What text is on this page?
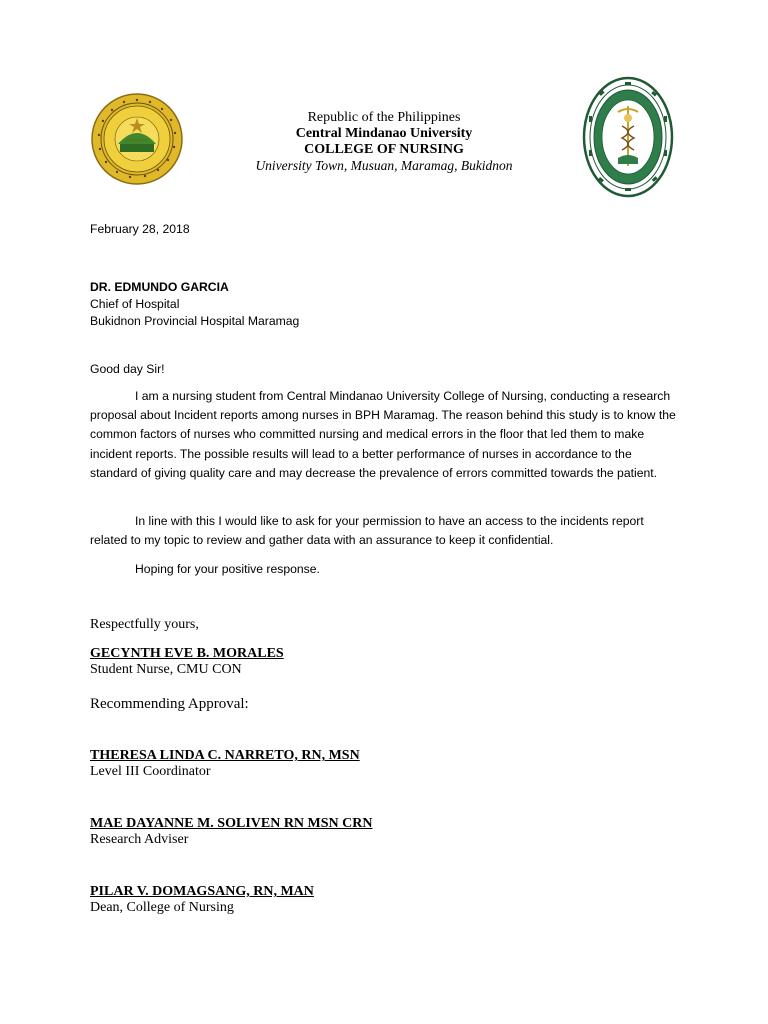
Republic of the Philippines
Central Mindanao University
COLLEGE OF NURSING
University Town, Musuan, Maramag, Bukidnon
February 28, 2018
DR. EDMUNDO GARCIA
Chief of Hospital
Bukidnon Provincial Hospital Maramag
Good day Sir!

I am a nursing student from Central Mindanao University College of Nursing, conducting a research proposal about Incident reports among nurses in BPH Maramag. The reason behind this study is to know the common factors of nurses who committed nursing and medical errors in the floor that led them to make incident reports. The possible results will lead to a better performance of nurses in accordance to the standard of giving quality care and may decrease the prevalence of errors committed towards the patient.

In line with this I would like to ask for your permission to have an access to the incidents report related to my topic to review and gather data with an assurance to keep it confidential.

Hoping for your positive response.

Respectfully yours,
GECYNTH EVE B. MORALES
Student Nurse, CMU CON
Recommending Approval:
THERESA LINDA C. NARRETO, RN, MSN
Level III Coordinator
MAE DAYANNE M. SOLIVEN RN MSN CRN
Research Adviser
PILAR V. DOMAGSANG, RN, MAN
Dean, College of Nursing
